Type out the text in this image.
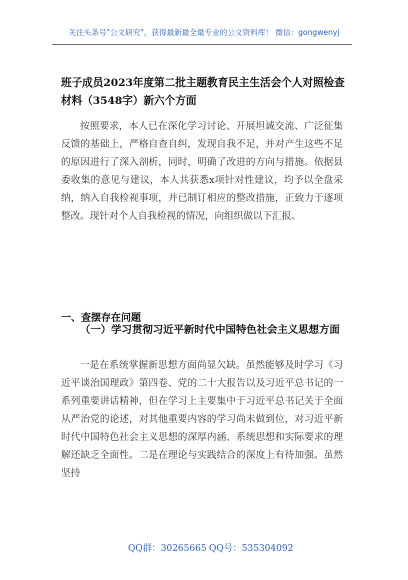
关注头条号"公文研究"，获得最新最全最专业的公文资料库！ 微信：gongwenyj
班子成员2023年度第二批主题教育民主生活会个人对照检查材料（3548字）新六个方面

按照要求，本人已在深化学习讨论、开展坦诚交流、广泛征集反馈的基础上，严格自查自纠，发现自我不足，并对产生这些不足的原因进行了深入剖析，同时，明确了改进的方向与措施。依据县委收集的意见与建议，本人共获悉x项针对性建议，均予以全盘采纳，纳入自我检视事项，并已制订相应的整改措施，正致力于逐项整改。现针对个人自我检视的情况，向组织做以下汇报。

一、查摆存在问题
（一）学习贯彻习近平新时代中国特色社会主义思想方面

一是在系统掌握新思想方面尚显欠缺。虽然能够及时学习《习近平谈治国理政》第四卷、党的二十大报告以及习近平总书记的一系列重要讲话精神，但在学习上主要集中于习近平总书记关于全面从严治党的论述，对其他重要内容的学习尚未做到位，对习近平新时代中国特色社会主义思想的深厚内涵、系统思想和实际要求的理解还缺乏全面性。二是在理论与实践结合的深度上有待加强。虽然坚持

QQ群：30265665 QQ号：535304092
